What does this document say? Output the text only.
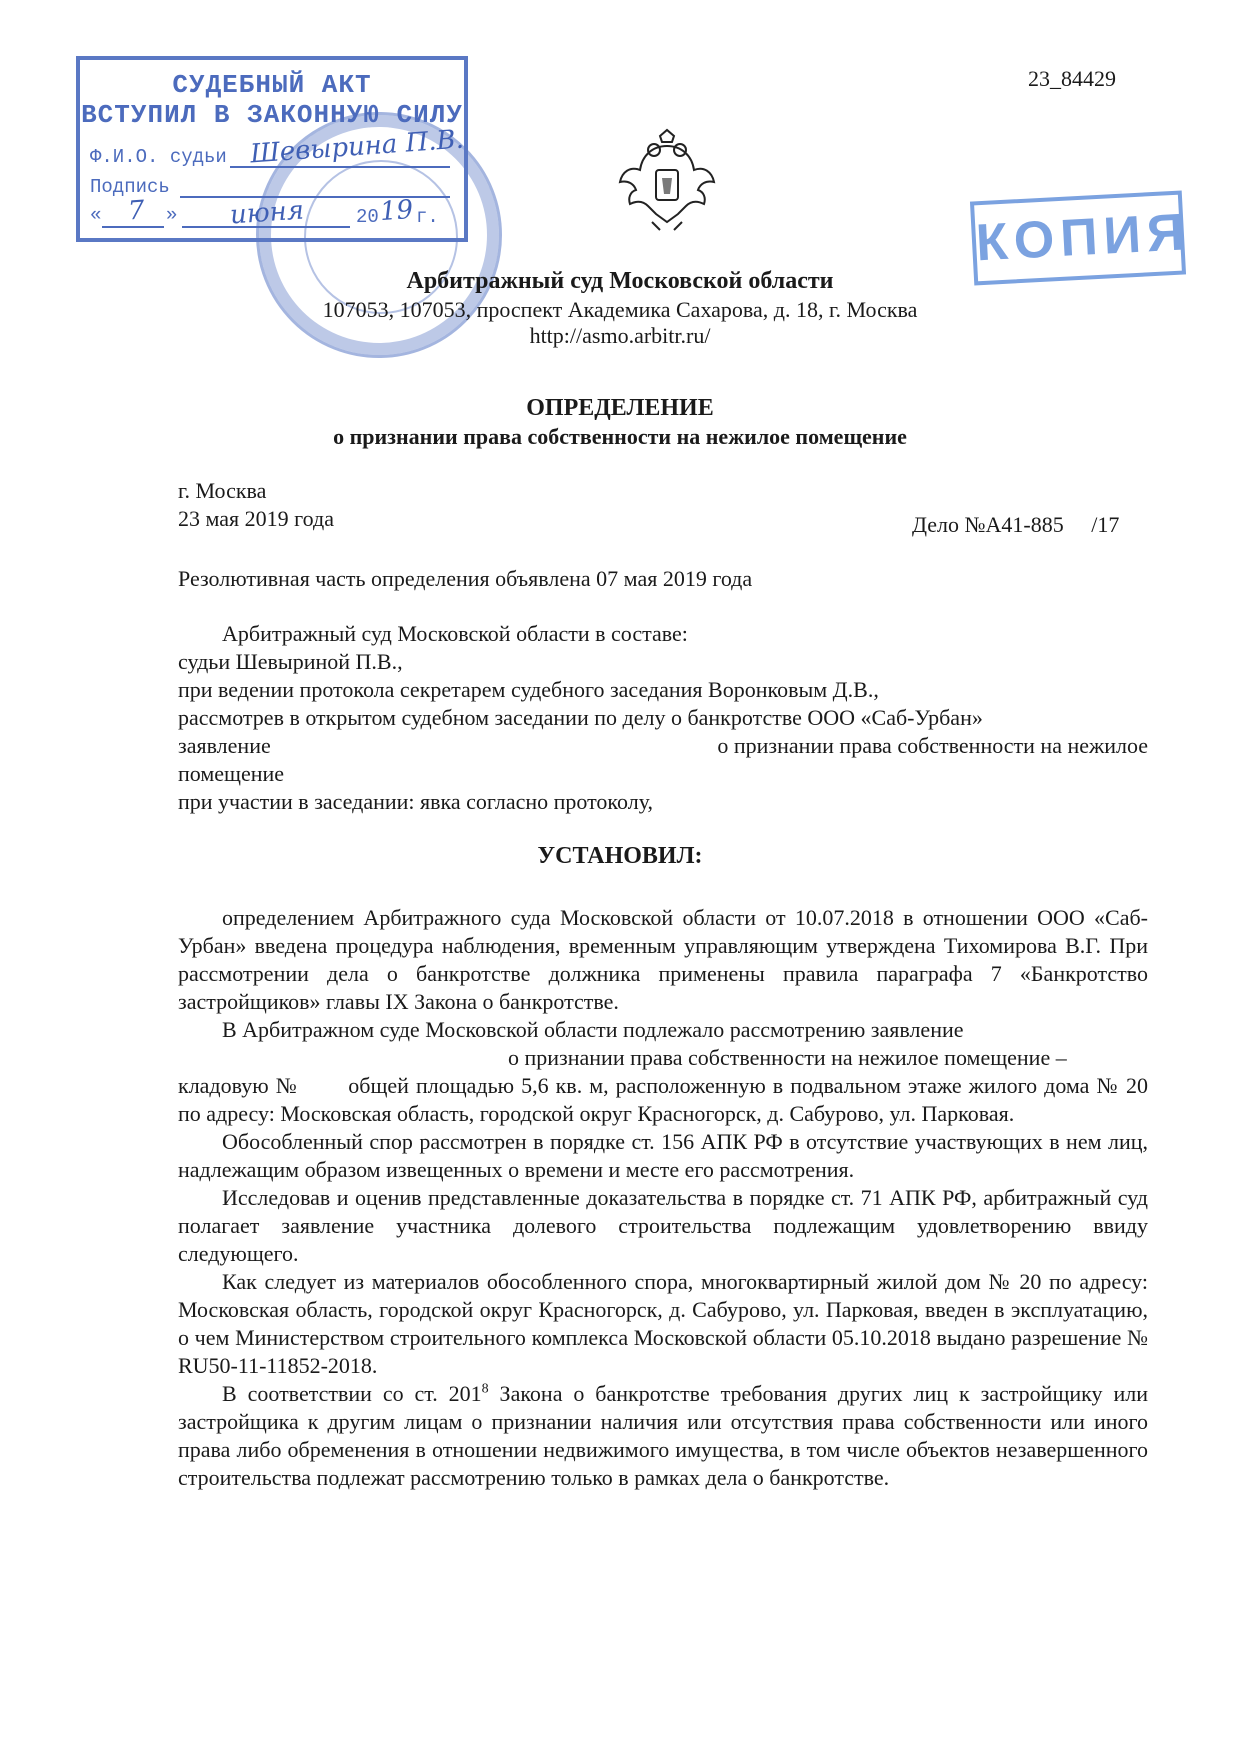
23_84429
СУДЕБНЫЙ АКТ
ВСТУПИЛ В ЗАКОННУЮ СИЛУ
Ф.И.О. судьи Шевырина П.В.
Подпись
« 7 » июня	20 19 г.	КОПИЯ
Арбитражный суд Московской области
107053, 107053, проспект Академика Сахарова, д. 18, г. Москва
http://asmo.arbitr.ru/
ОПРЕДЕЛЕНИЕ
о признании права собственности на нежилое помещение
г. Москва
23 мая 2019 года	Дело №А41-885     /17
Резолютивная часть определения объявлена 07 мая 2019 года

Арбитражный суд Московской области в составе:

судьи Шевыриной П.В.,

при ведении протокола секретарем судебного заседания Воронковым Д.В.,

рассмотрев в открытом судебном заседании по делу о банкротстве ООО «Саб-Урбан»

заявление	о признании права собственности на нежилое

помещение

при участии в заседании: явка согласно протоколу,

УСТАНОВИЛ:

определением Арбитражного суда Московской области от 10.07.2018 в отношении ООО «Саб-Урбан» введена процедура наблюдения, временным управляющим утверждена Тихомирова В.Г. При рассмотрении дела о банкротстве должника применены правила параграфа 7 «Банкротство застройщиков» главы IX Закона о банкротстве.

В Арбитражном суде Московской области подлежало рассмотрению заявление

о признании права собственности на нежилое помещение –

кладовую № общей площадью 5,6 кв. м, расположенную в подвальном этаже жилого дома № 20 по адресу: Московская область, городской округ Красногорск, д. Сабурово, ул. Парковая.

Обособленный спор рассмотрен в порядке ст. 156 АПК РФ в отсутствие участвующих в нем лиц, надлежащим образом извещенных о времени и месте его рассмотрения.

Исследовав и оценив представленные доказательства в порядке ст. 71 АПК РФ, арбитражный суд полагает заявление участника долевого строительства подлежащим удовлетворению ввиду следующего.

Как следует из материалов обособленного спора, многоквартирный жилой дом № 20 по адресу: Московская область, городской округ Красногорск, д. Сабурово, ул. Парковая, введен в эксплуатацию, о чем Министерством строительного комплекса Московской области 05.10.2018 выдано разрешение № RU50-11-11852-2018.

В соответствии со ст. $201^8$ Закона о банкротстве требования других лиц к застройщику или застройщика к другим лицам о признании наличия или отсутствия права собственности или иного права либо обременения в отношении недвижимого имущества, в том числе объектов незавершенного строительства подлежат рассмотрению только в рамках дела о банкротстве.
